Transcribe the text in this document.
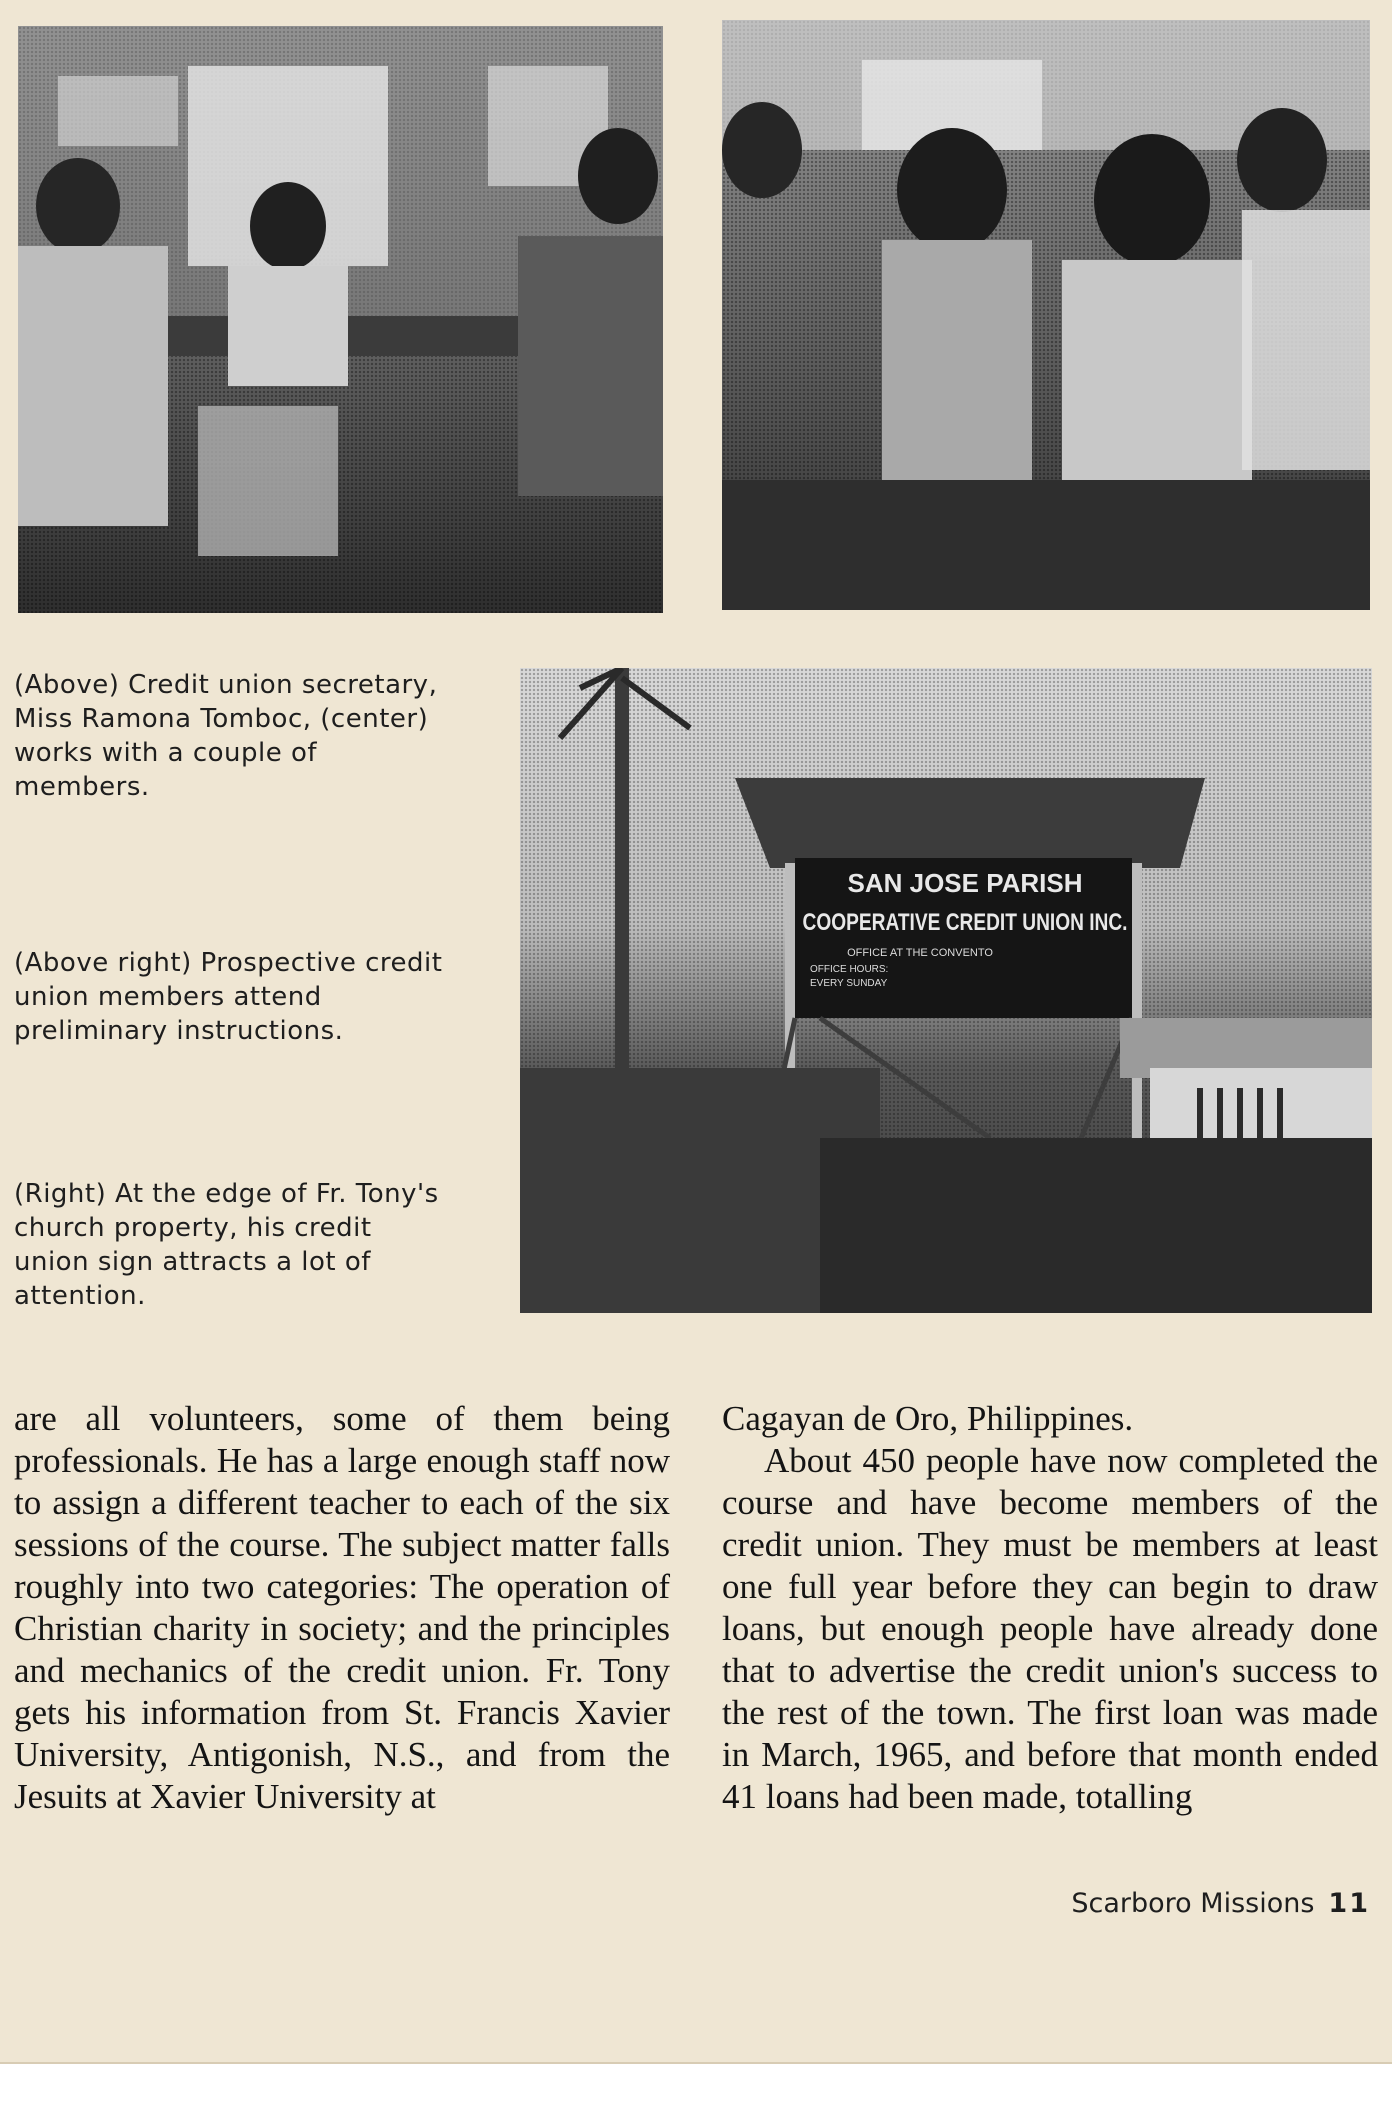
(Above) Credit union secretary, Miss Ramona Tomboc, (center) works with a couple of members.

(Above right) Prospective credit union members attend preliminary instructions.

(Right) At the edge of Fr. Tony's church property, his credit union sign attracts a lot of attention.

SAN JOSE PARISH
COOPERATIVE CREDIT UNION INC.
OFFICE AT THE CONVENTO
OFFICE HOURS:
EVERY SUNDAY

are all volunteers, some of them being professionals. He has a large enough staff now to assign a different teacher to each of the six sessions of the course. The subject matter falls roughly into two categories: The operation of Christian charity in society; and the principles and mechanics of the credit union. Fr. Tony gets his information from St. Francis Xavier University, Antigonish, N.S., and from the Jesuits at Xavier University at

Cagayan de Oro, Philippines.

About 450 people have now completed the course and have become members of the credit union. They must be members at least one full year before they can begin to draw loans, but enough people have already done that to advertise the credit union's success to the rest of the town. The first loan was made in March, 1965, and before that month ended 41 loans had been made, totalling

Scarboro Missions 11
